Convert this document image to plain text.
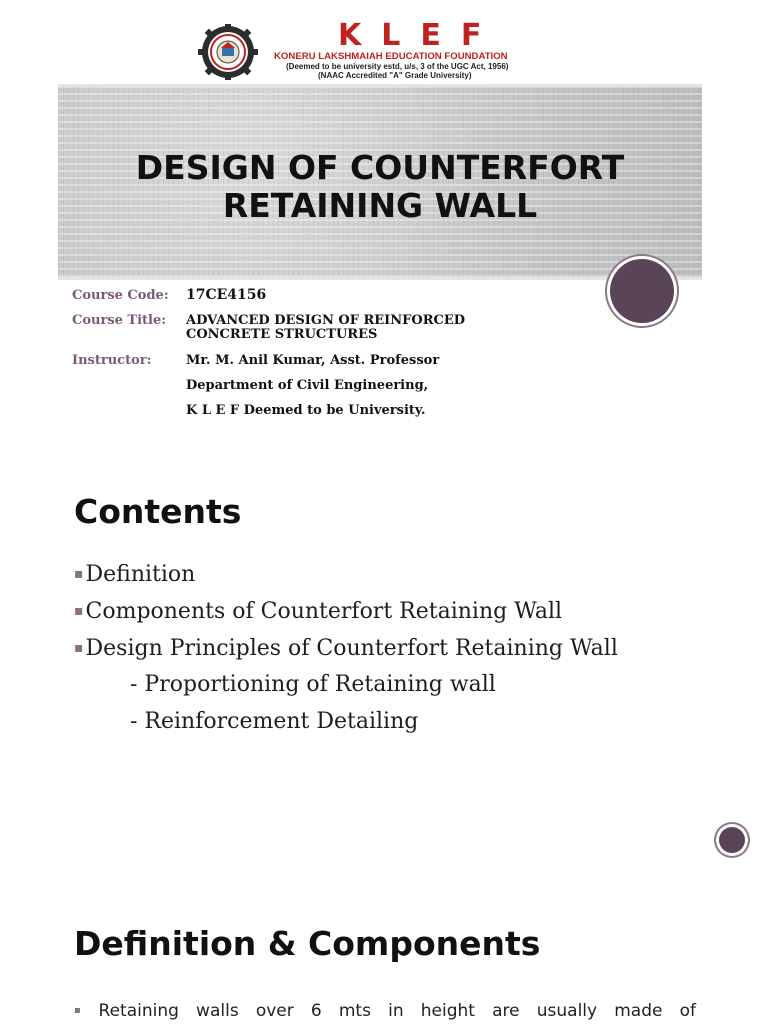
KLEF
KONERU LAKSHMAIAH EDUCATION FOUNDATION
(Deemed to be university estd, u/s, 3 of the UGC Act, 1956)
(NAAC Accredited "A" Grade University)
DESIGN OF COUNTERFORT
RETAINING WALL
Course Code: 17CE4156
Course Title: ADVANCED DESIGN OF REINFORCED
CONCRETE STRUCTURES
Instructor:	Mr. M. Anil Kumar, Asst. Professor
Department of Civil Engineering,
K L E F Deemed to be University.
Contents
▪Definition
▪Components of Counterfort Retaining Wall
▪Design Principles of Counterfort Retaining Wall
- Proportioning of Retaining wall
- Reinforcement Detailing
Definition & Components
▪ Retaining walls over 6 mts in height are usually made of
